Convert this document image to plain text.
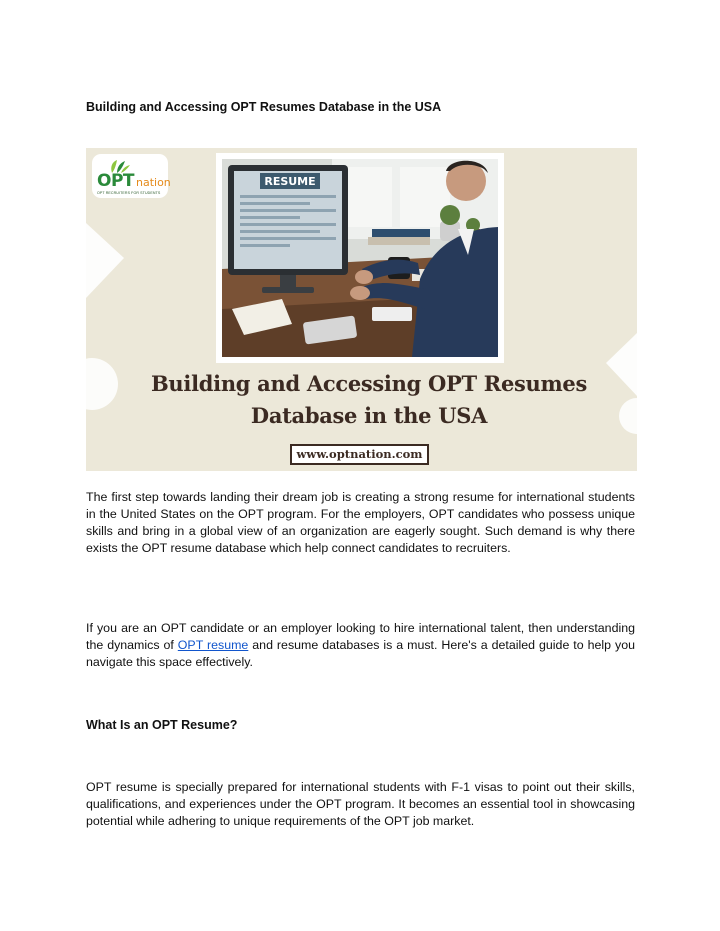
Building and Accessing OPT Resumes Database in the USA
OPT nation
OPT RECRUITERS FOR STUDENTS
RESUME
Building and Accessing OPT Resumes
Database in the USA
www.optnation.com
The first step towards landing their dream job is creating a strong resume for international students in the United States on the OPT program. For the employers, OPT candidates who possess unique skills and bring in a global view of an organization are eagerly sought. Such demand is why there exists the OPT resume database which help connect candidates to recruiters.
If you are an OPT candidate or an employer looking to hire international talent, then understanding the dynamics of OPT resume and resume databases is a must. Here's a detailed guide to help you navigate this space effectively.
What Is an OPT Resume?
OPT resume is specially prepared for international students with F-1 visas to point out their skills, qualifications, and experiences under the OPT program. It becomes an essential tool in showcasing potential while adhering to unique requirements of the OPT job market.
